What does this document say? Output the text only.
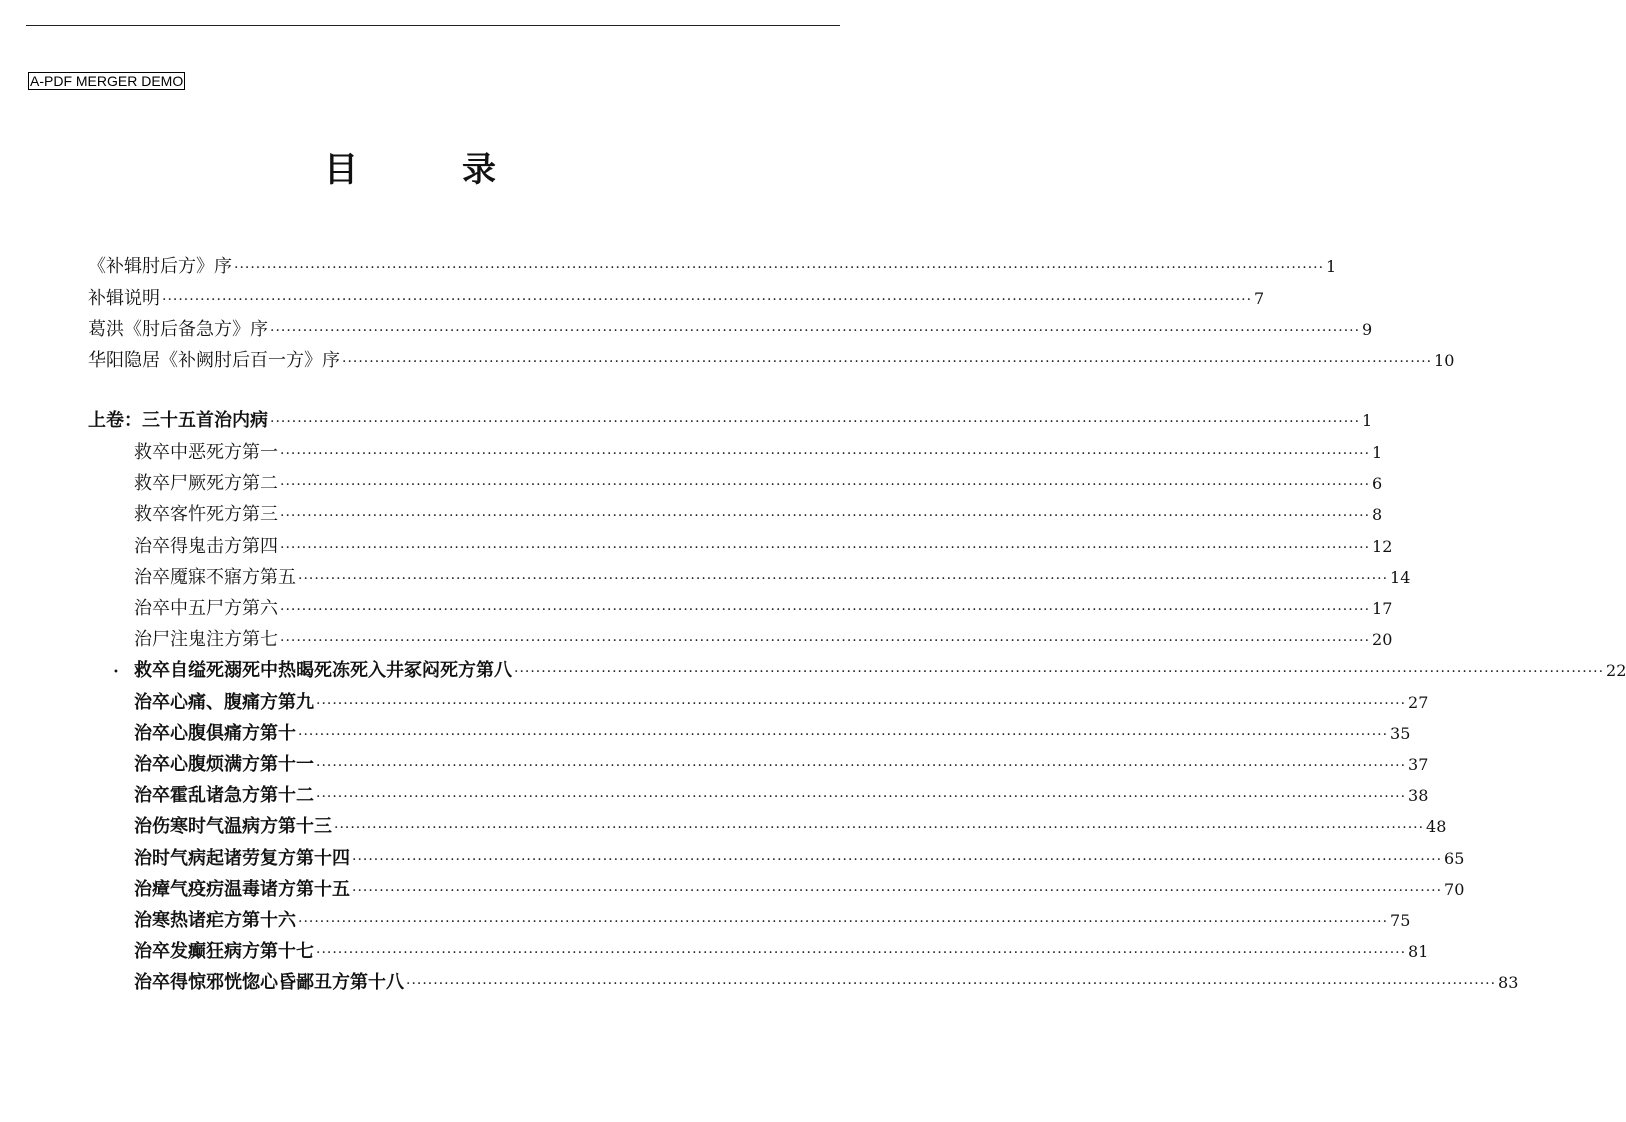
A-PDF MERGER DEMO
目	录
《补辑肘后方》序 ········································································································································································································ 1
补辑说明 ········································································································································································································ 7
葛洪《肘后备急方》序 ········································································································································································································ 9
华阳隐居《补阙肘后百一方》序 ········································································································································································································ 10
上卷：三十五首治内病 ········································································································································································································ 1
救卒中恶死方第一 ········································································································································································································ 1
救卒尸厥死方第二 ········································································································································································································ 6
救卒客忤死方第三 ········································································································································································································ 8
治卒得鬼击方第四 ········································································································································································································ 12
治卒魇寐不寤方第五 ········································································································································································································ 14
治卒中五尸方第六 ········································································································································································································ 17
治尸注鬼注方第七 ········································································································································································································ 20
救卒自缢死溺死中热暍死冻死入井冢闷死方第八 ········································································································································································································ 22
•
治卒心痛、腹痛方第九 ········································································································································································································ 27
治卒心腹俱痛方第十 ········································································································································································································ 35
治卒心腹烦满方第十一 ········································································································································································································ 37
治卒霍乱诸急方第十二 ········································································································································································································ 38
治伤寒时气温病方第十三 ········································································································································································································ 48
治时气病起诸劳复方第十四 ········································································································································································································ 65
治瘴气疫疠温毒诸方第十五 ········································································································································································································ 70
治寒热诸疟方第十六 ········································································································································································································ 75
治卒发癫狂病方第十七 ········································································································································································································ 81
治卒得惊邪恍惚心昏鄙丑方第十八 ········································································································································································································ 83
